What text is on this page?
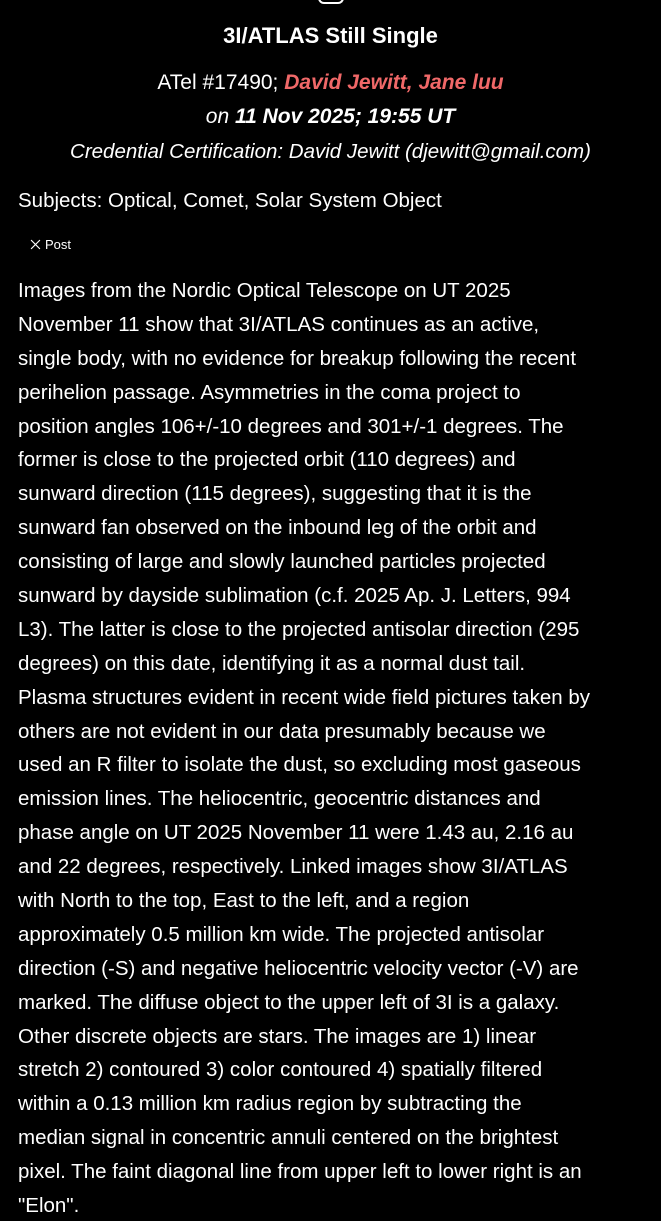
3I/ATLAS Still Single
ATel #17490; David Jewitt, Jane luu
on 11 Nov 2025; 19:55 UT
Credential Certification: David Jewitt (djewitt@gmail.com)
Subjects: Optical, Comet, Solar System Object
Post
Images from the Nordic Optical Telescope on UT 2025
November 11 show that 3I/ATLAS continues as an active,
single body, with no evidence for breakup following the recent
perihelion passage. Asymmetries in the coma project to
position angles 106+/-10 degrees and 301+/-1 degrees. The
former is close to the projected orbit (110 degrees) and
sunward direction (115 degrees), suggesting that it is the
sunward fan observed on the inbound leg of the orbit and
consisting of large and slowly launched particles projected
sunward by dayside sublimation (c.f. 2025 Ap. J. Letters, 994
L3). The latter is close to the projected antisolar direction (295
degrees) on this date, identifying it as a normal dust tail.
Plasma structures evident in recent wide field pictures taken by
others are not evident in our data presumably because we
used an R filter to isolate the dust, so excluding most gaseous
emission lines. The heliocentric, geocentric distances and
phase angle on UT 2025 November 11 were 1.43 au, 2.16 au
and 22 degrees, respectively. Linked images show 3I/ATLAS
with North to the top, East to the left, and a region
approximately 0.5 million km wide. The projected antisolar
direction (-S) and negative heliocentric velocity vector (-V) are
marked. The diffuse object to the upper left of 3I is a galaxy.
Other discrete objects are stars. The images are 1) linear
stretch 2) contoured 3) color contoured 4) spatially filtered
within a 0.13 million km radius region by subtracting the
median signal in concentric annuli centered on the brightest
pixel. The faint diagonal line from upper left to lower right is an
"Elon".
